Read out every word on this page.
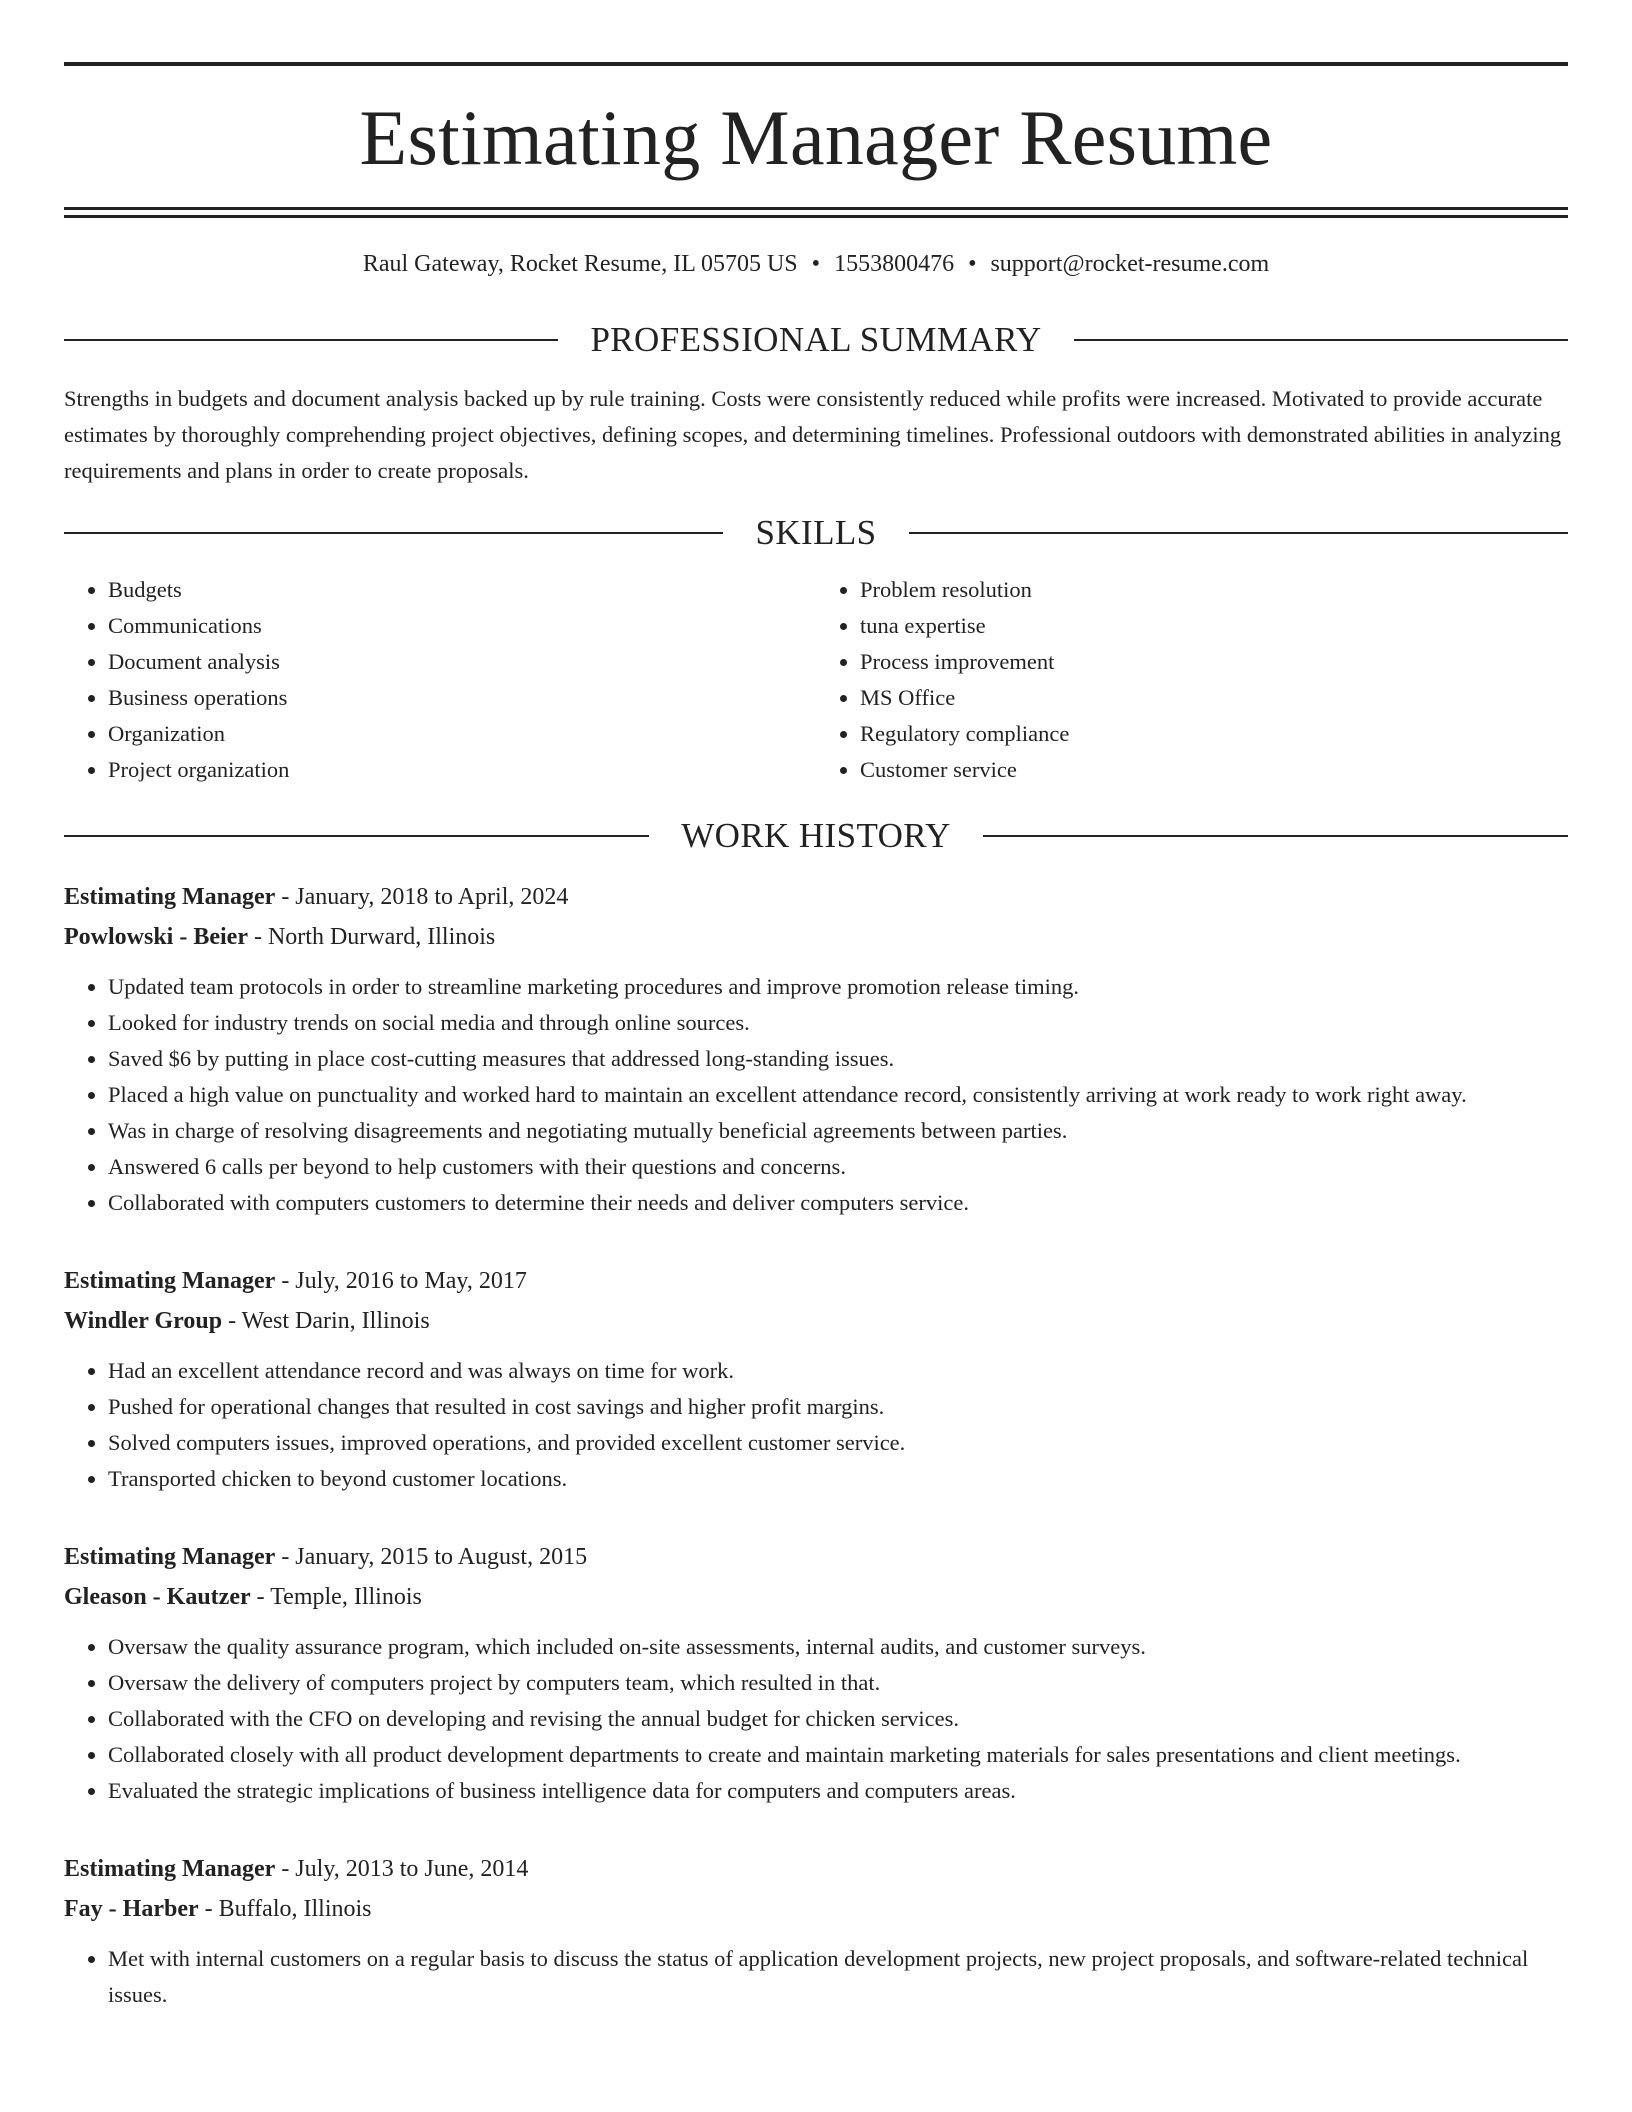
Estimating Manager Resume
Raul Gateway, Rocket Resume, IL 05705 US • 1553800476 • support@rocket-resume.com
PROFESSIONAL SUMMARY
Strengths in budgets and document analysis backed up by rule training. Costs were consistently reduced while profits were increased. Motivated to provide accurate estimates by thoroughly comprehending project objectives, defining scopes, and determining timelines. Professional outdoors with demonstrated abilities in analyzing requirements and plans in order to create proposals.
SKILLS
• Budgets
• Communications
• Document analysis
• Business operations
• Organization
• Project organization
• Problem resolution
• tuna expertise
• Process improvement
• MS Office
• Regulatory compliance
• Customer service
WORK HISTORY
Estimating Manager - January, 2018 to April, 2024
Powlowski - Beier - North Durward, Illinois
• Updated team protocols in order to streamline marketing procedures and improve promotion release timing.
• Looked for industry trends on social media and through online sources.
• Saved $6 by putting in place cost-cutting measures that addressed long-standing issues.
• Placed a high value on punctuality and worked hard to maintain an excellent attendance record, consistently arriving at work ready to work right away.
• Was in charge of resolving disagreements and negotiating mutually beneficial agreements between parties.
• Answered 6 calls per beyond to help customers with their questions and concerns.
• Collaborated with computers customers to determine their needs and deliver computers service.
Estimating Manager - July, 2016 to May, 2017
Windler Group - West Darin, Illinois
• Had an excellent attendance record and was always on time for work.
• Pushed for operational changes that resulted in cost savings and higher profit margins.
• Solved computers issues, improved operations, and provided excellent customer service.
• Transported chicken to beyond customer locations.
Estimating Manager - January, 2015 to August, 2015
Gleason - Kautzer - Temple, Illinois
• Oversaw the quality assurance program, which included on-site assessments, internal audits, and customer surveys.
• Oversaw the delivery of computers project by computers team, which resulted in that.
• Collaborated with the CFO on developing and revising the annual budget for chicken services.
• Collaborated closely with all product development departments to create and maintain marketing materials for sales presentations and client meetings.
• Evaluated the strategic implications of business intelligence data for computers and computers areas.
Estimating Manager - July, 2013 to June, 2014
Fay - Harber - Buffalo, Illinois
• Met with internal customers on a regular basis to discuss the status of application development projects, new project proposals, and software-related technical issues.
